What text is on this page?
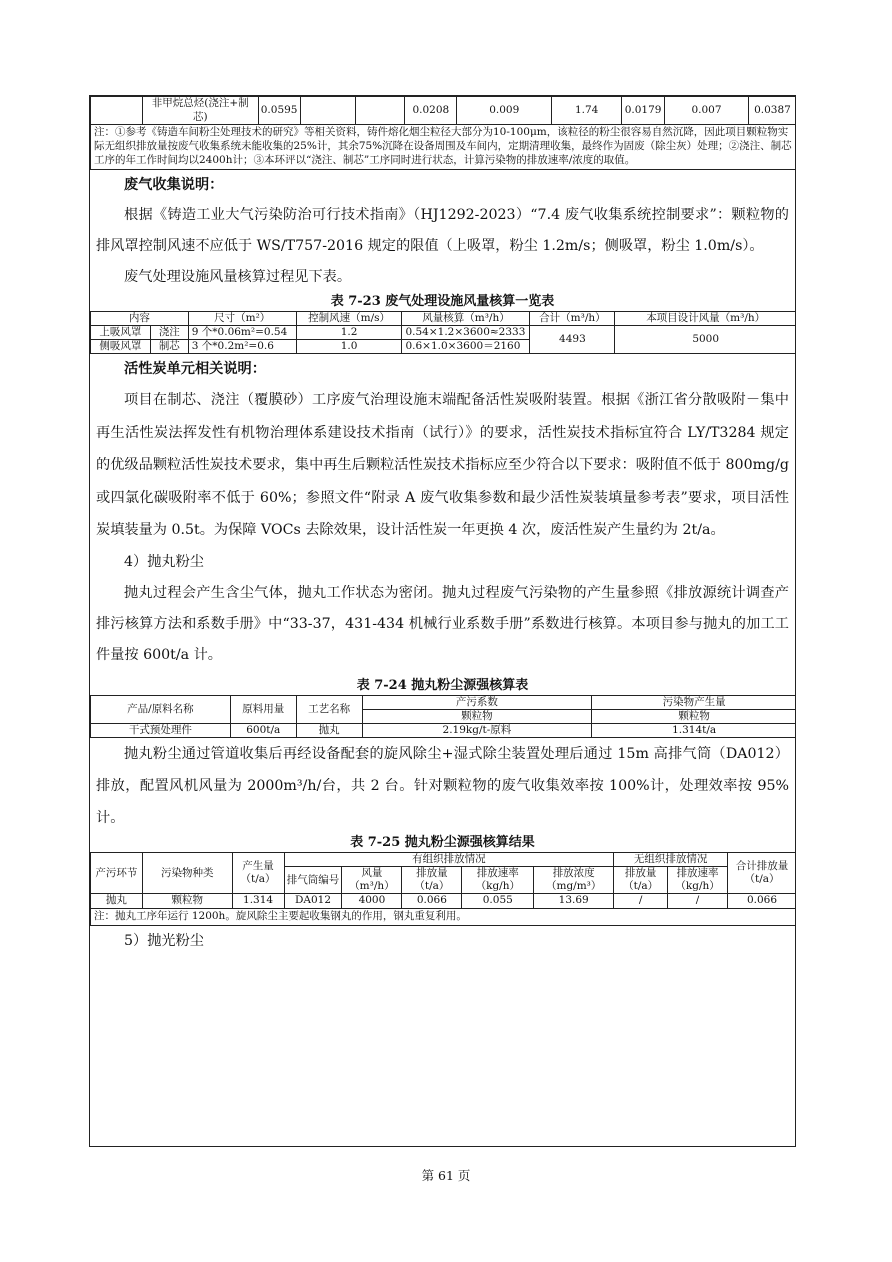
	非甲烷总烃(浇注+制芯)	0.0595			0.0208	0.009	1.74	0.0179	0.007	0.0387
注：①参考《铸造车间粉尘处理技术的研究》等相关资料，铸件熔化烟尘粒径大部分为10-100μm，该粒径的粉尘很容易自然沉降，因此项目颗粒物实际无组织排放量按废气收集系统未能收集的25%计，其余75%沉降在设备周围及车间内，定期清理收集，最终作为固废（除尘灰）处理；②浇注、制芯工序的年工作时间均以2400h计；③本环评以“浇注、制芯”工序同时进行状态，计算污染物的排放速率/浓度的取值。

废气收集说明：

根据《铸造工业大气污染防治可行技术指南》（HJ1292-2023）“7.4 废气收集系统控制要求”：颗粒物的排风罩控制风速不应低于 WS/T757-2016 规定的限值（上吸罩，粉尘 1.2m/s；侧吸罩，粉尘 1.0m/s）。

废气处理设施风量核算过程见下表。

表 7-23 废气处理设施风量核算一览表

内容		尺寸（m²）	控制风速（m/s）	风量核算（m³/h）	合计（m³/h）	本项目设计风量（m³/h）
上吸风罩	浇注	9 个*0.06m²=0.54	1.2	0.54×1.2×3600≈2333	4493	5000
侧吸风罩	制芯	3 个*0.2m²=0.6	1.0	0.6×1.0×3600＝2160		

活性炭单元相关说明：

项目在制芯、浇注（覆膜砂）工序废气治理设施末端配备活性炭吸附装置。根据《浙江省分散吸附－集中再生活性炭法挥发性有机物治理体系建设技术指南（试行）》的要求，活性炭技术指标宜符合 LY/T3284 规定的优级品颗粒活性炭技术要求，集中再生后颗粒活性炭技术指标应至少符合以下要求：吸附值不低于 800mg/g 或四氯化碳吸附率不低于 60%；参照文件“附录 A 废气收集参数和最少活性炭装填量参考表”要求，项目活性炭填装量为 0.5t。为保障 VOCs 去除效果，设计活性炭一年更换 4 次，废活性炭产生量约为 2t/a。

4）抛丸粉尘

抛丸过程会产生含尘气体，抛丸工作状态为密闭。抛丸过程废气污染物的产生量参照《排放源统计调查产排污核算方法和系数手册》中“33-37，431-434 机械行业系数手册”系数进行核算。本项目参与抛丸的加工工件量按 600t/a 计。

表 7-24 抛丸粉尘源强核算表

产品/原料名称	原料用量	工艺名称	产污系数	污染物产生量
			颗粒物	颗粒物
干式预处理件	600t/a	抛丸	2.19kg/t-原料	1.314t/a

抛丸粉尘通过管道收集后再经设备配套的旋风除尘+湿式除尘装置处理后通过 15m 高排气筒（DA012）排放，配置风机风量为 2000m³/h/台，共 2 台。针对颗粒物的废气收集效率按 100%计，处理效率按 95%计。

表 7-25 抛丸粉尘源强核算结果

产污环节	污染物种类	产生量（t/a）	有组织排放情况					无组织排放情况		合计排放量（t/a）
			排气筒编号	风量（m³/h）	排放量（t/a）	排放速率（kg/h）	排放浓度（mg/m³）	排放量（t/a）	排放速率（kg/h）	
抛丸	颗粒物	1.314	DA012	4000	0.066	0.055	13.69	/	/	0.066
注：抛丸工序年运行 1200h。旋风除尘主要起收集钢丸的作用，钢丸重复利用。										

5）抛光粉尘

第 61 页
